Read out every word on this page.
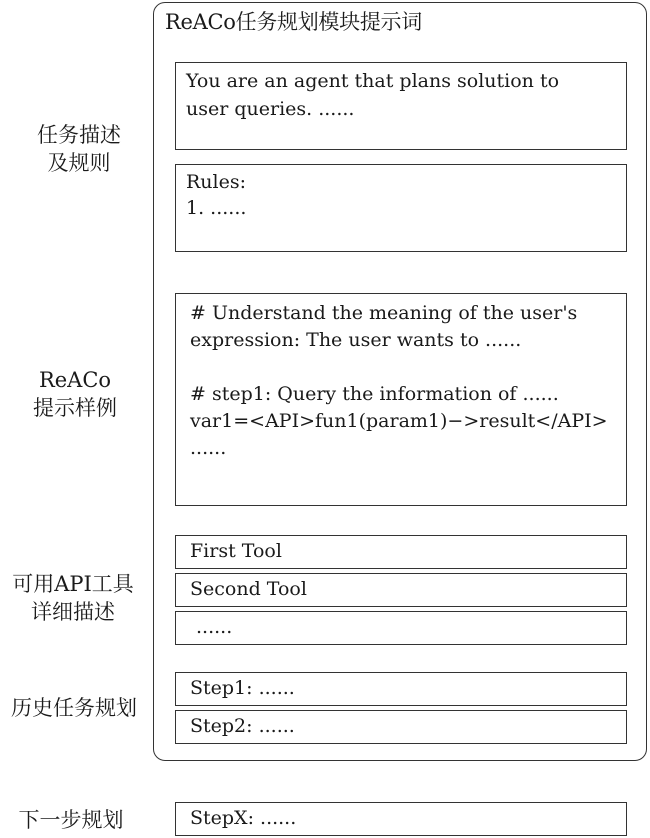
ReACo任务规划模块提示词
任务描述
及规则
ReACo
提示样例
可用API工具
详细描述
历史任务规划
下一步规划
You are an agent that plans solution to
user queries. ......
Rules:
1. ......
# Understand the meaning of the user's
expression: The user wants to ......

# step1: Query the information of ......
var1=<API>fun1(param1)−>result</API>
......
First Tool
Second Tool
......
Step1: ......
Step2: ......
StepX: ......
